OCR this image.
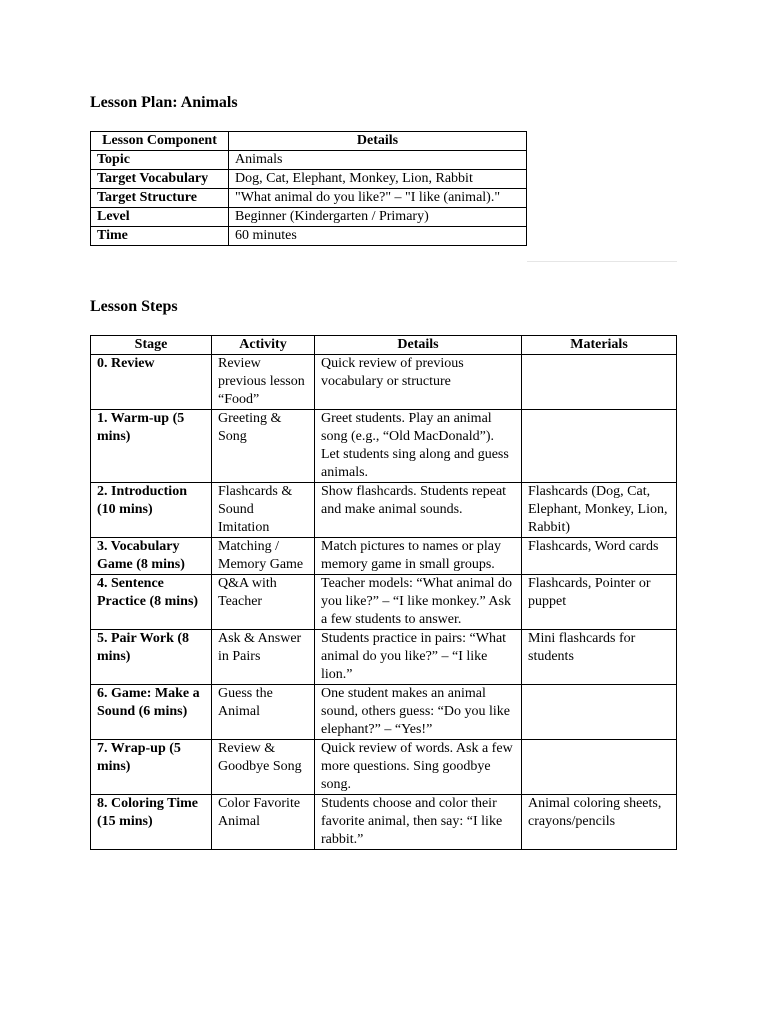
Lesson Plan: Animals
Lesson Component	Details
Topic	Animals
Target Vocabulary	Dog, Cat, Elephant, Monkey, Lion, Rabbit
Target Structure	"What animal do you like?" – "I like (animal)."
Level	Beginner (Kindergarten / Primary)
Time	60 minutes
Lesson Steps
Stage	Activity	Details	Materials
0. Review	Review previous lesson “Food”	Quick review of previous vocabulary or structure	
1. Warm-up (5 mins)	Greeting & Song	Greet students. Play an animal song (e.g., “Old MacDonald”). Let students sing along and guess animals.	
2. Introduction (10 mins)	Flashcards & Sound Imitation	Show flashcards. Students repeat and make animal sounds.	Flashcards (Dog, Cat, Elephant, Monkey, Lion, Rabbit)
3. Vocabulary Game (8 mins)	Matching / Memory Game	Match pictures to names or play memory game in small groups.	Flashcards, Word cards
4. Sentence Practice (8 mins)	Q&A with Teacher	Teacher models: “What animal do you like?” – “I like monkey.” Ask a few students to answer.	Flashcards, Pointer or puppet
5. Pair Work (8 mins)	Ask & Answer in Pairs	Students practice in pairs: “What animal do you like?” – “I like lion.”	Mini flashcards for students
6. Game: Make a Sound (6 mins)	Guess the Animal	One student makes an animal sound, others guess: “Do you like elephant?” – “Yes!”	
7. Wrap-up (5 mins)	Review & Goodbye Song	Quick review of words. Ask a few more questions. Sing goodbye song.	
8. Coloring Time (15 mins)	Color Favorite Animal	Students choose and color their favorite animal, then say: “I like rabbit.”	Animal coloring sheets, crayons/pencils
